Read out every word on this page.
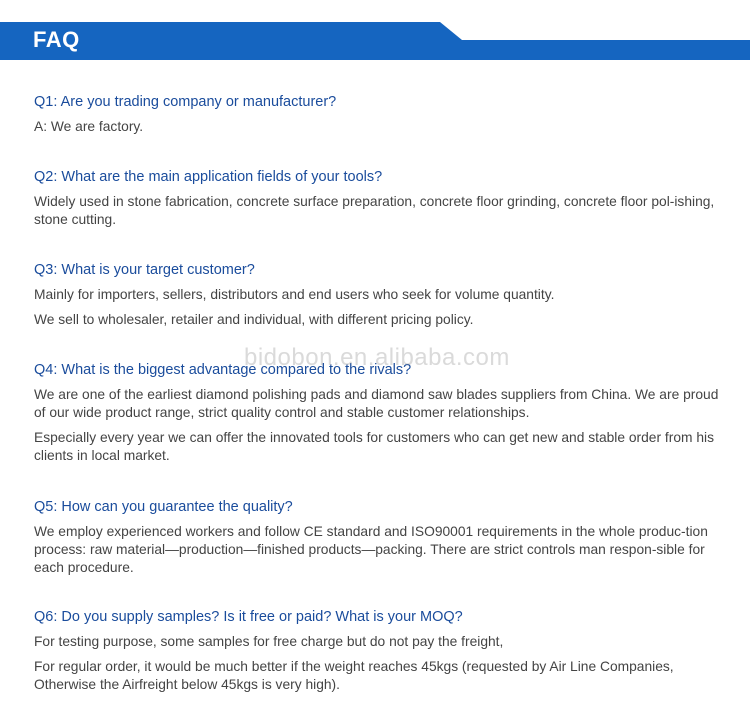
FAQ
Q1: Are you trading company or manufacturer?
A: We are factory.
Q2: What are the main application fields of your tools?
Widely used in stone fabrication, concrete surface preparation, concrete floor grinding, concrete floor pol-ishing, stone cutting.
Q3: What is your target customer?
Mainly for importers, sellers, distributors and end users who seek for volume quantity.
We sell to wholesaler, retailer and individual, with different pricing policy.
Q4: What is the biggest advantage compared to the rivals?
We are one of the earliest diamond polishing pads and diamond saw blades suppliers from China. We are proud of our wide product range, strict quality control and stable customer relationships.
Especially every year we can offer the innovated tools for customers who can get new and stable order from his clients in local market.
Q5: How can you guarantee the quality?
We employ experienced workers and follow CE standard and ISO90001 requirements in the whole produc-tion process: raw material—production—finished products—packing. There are strict controls man respon-sible for each procedure.
Q6: Do you supply samples? Is it free or paid? What is your MOQ?
For testing purpose, some samples for free charge but do not pay the freight,
For regular order, it would be much better if the weight reaches 45kgs (requested by Air Line Companies, Otherwise the Airfreight below 45kgs is very high).
bidobon.en.alibaba.com
